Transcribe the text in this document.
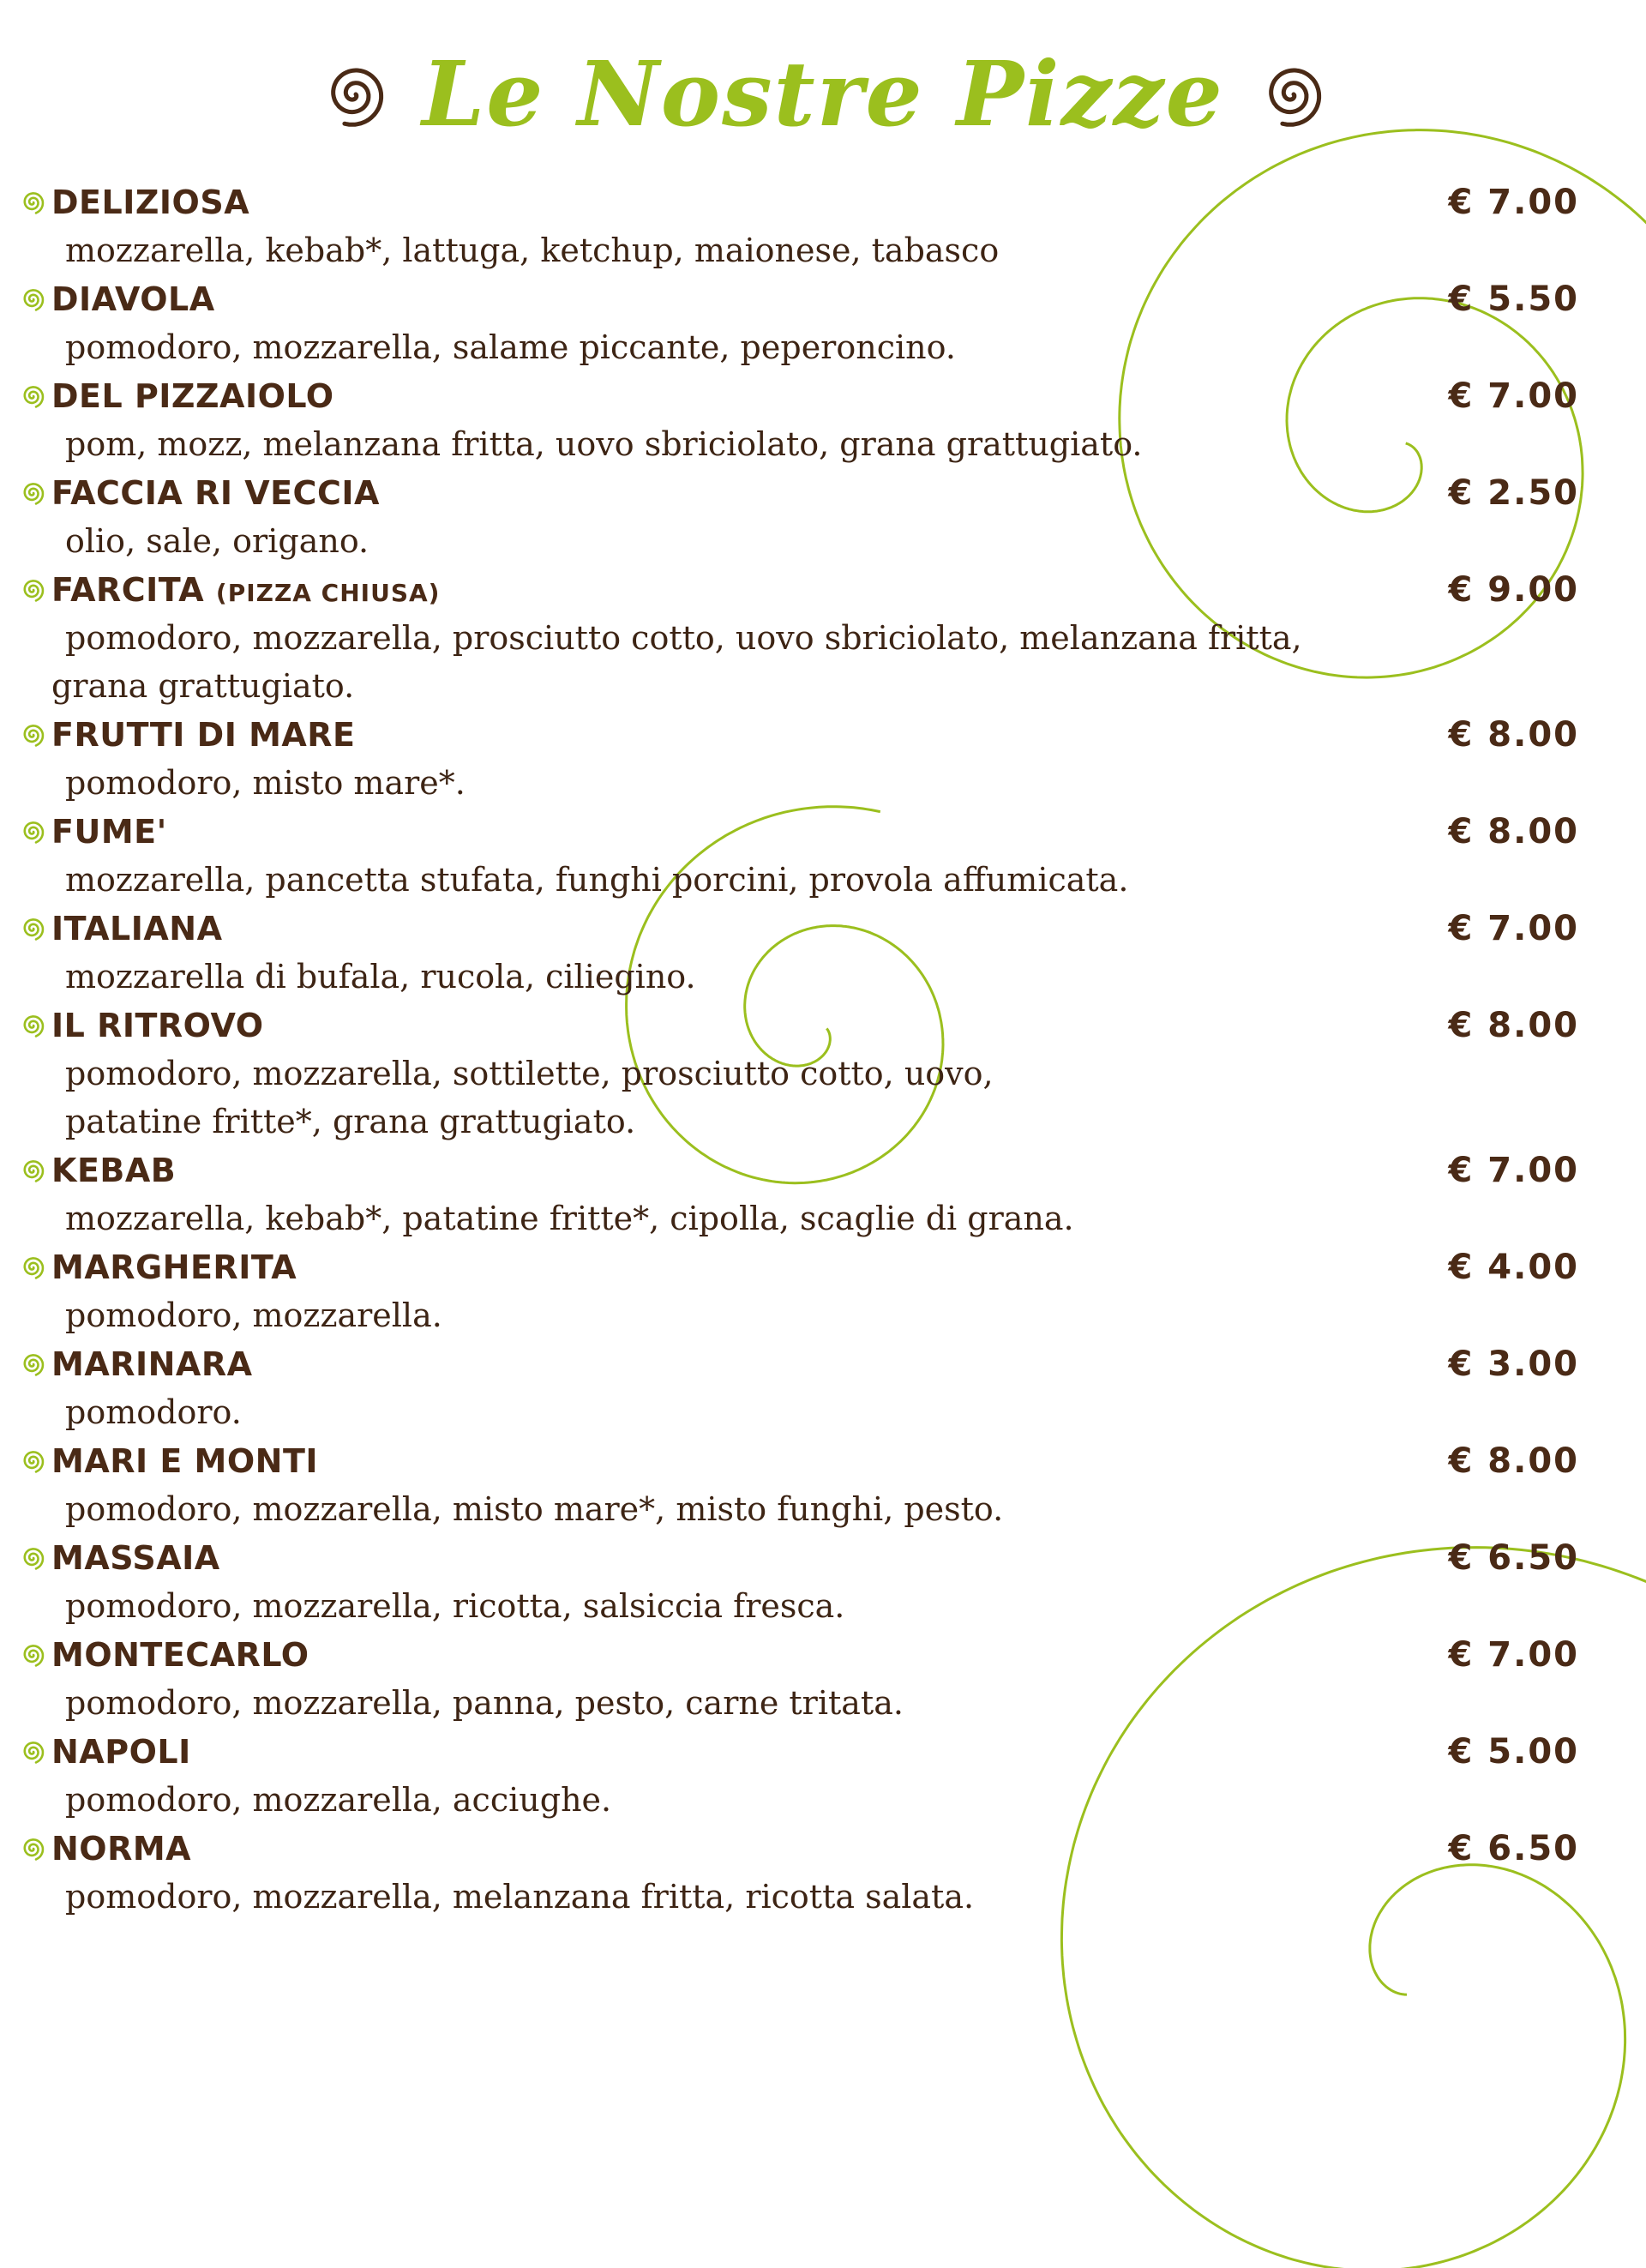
Le Nostre Pizze
DELIZIOSA	€ 7.00
mozzarella, kebab*, lattuga, ketchup, maionese, tabasco
DIAVOLA	€ 5.50
pomodoro, mozzarella, salame piccante, peperoncino.
DEL PIZZAIOLO	€ 7.00
pom, mozz, melanzana fritta, uovo sbriciolato, grana grattugiato.
FACCIA RI VECCIA	€ 2.50
olio, sale, origano.
FARCITA (PIZZA CHIUSA)	€ 9.00
pomodoro, mozzarella, prosciutto cotto, uovo sbriciolato, melanzana fritta,
grana grattugiato.
FRUTTI DI MARE	€ 8.00
pomodoro, misto mare*.
FUME'	€ 8.00
mozzarella, pancetta stufata, funghi porcini, provola affumicata.
ITALIANA	€ 7.00
mozzarella di bufala, rucola, ciliegino.
IL RITROVO	€ 8.00
pomodoro, mozzarella, sottilette, prosciutto cotto, uovo,
patatine fritte*, grana grattugiato.
KEBAB	€ 7.00
mozzarella, kebab*, patatine fritte*, cipolla, scaglie di grana.
MARGHERITA	€ 4.00
pomodoro, mozzarella.
MARINARA	€ 3.00
pomodoro.
MARI E MONTI	€ 8.00
pomodoro, mozzarella, misto mare*, misto funghi, pesto.
MASSAIA	€ 6.50
pomodoro, mozzarella, ricotta, salsiccia fresca.
MONTECARLO	€ 7.00
pomodoro, mozzarella, panna, pesto, carne tritata.
NAPOLI	€ 5.00
pomodoro, mozzarella, acciughe.
NORMA	€ 6.50
pomodoro, mozzarella, melanzana fritta, ricotta salata.
